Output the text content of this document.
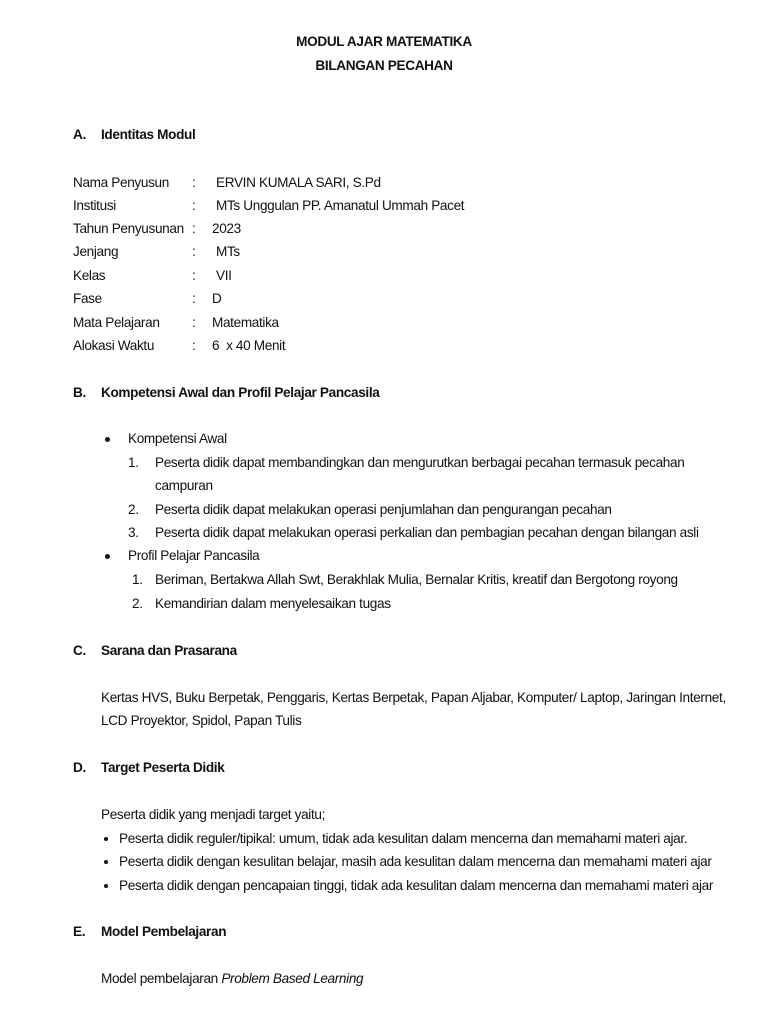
MODUL AJAR MATEMATIKA
BILANGAN PECAHAN
A. Identitas Modul
Nama Penyusun : ERVIN KUMALA SARI, S.Pd
Institusi	: MTs Unggulan PP. Amanatul Ummah Pacet
Tahun Penyusunan : 2023
Jenjang	: MTs
Kelas	: VII
Fase	: D
Mata Pelajaran : Matematika
Alokasi Waktu	: 6  x 40 Menit
B. Kompetensi Awal dan Profil Pelajar Pancasila
Kompetensi Awal
1. Peserta didik dapat membandingkan dan mengurutkan berbagai pecahan termasuk pecahan
campuran
2. Peserta didik dapat melakukan operasi penjumlahan dan pengurangan pecahan
3. Peserta didik dapat melakukan operasi perkalian dan pembagian pecahan dengan bilangan asli
Profil Pelajar Pancasila
1. Beriman, Bertakwa Allah Swt, Berakhlak Mulia, Bernalar Kritis, kreatif dan Bergotong royong
2. Kemandirian dalam menyelesaikan tugas
C. Sarana dan Prasarana
Kertas HVS, Buku Berpetak, Penggaris, Kertas Berpetak, Papan Aljabar, Komputer/ Laptop, Jaringan Internet,
LCD Proyektor, Spidol, Papan Tulis
D. Target Peserta Didik
Peserta didik yang menjadi target yaitu;
Peserta didik reguler/tipikal: umum, tidak ada kesulitan dalam mencerna dan memahami materi ajar.
Peserta didik dengan kesulitan belajar, masih ada kesulitan dalam mencerna dan memahami materi ajar
Peserta didik dengan pencapaian tinggi, tidak ada kesulitan dalam mencerna dan memahami materi ajar
E. Model Pembelajaran
Model pembelajaran Problem Based Learning
